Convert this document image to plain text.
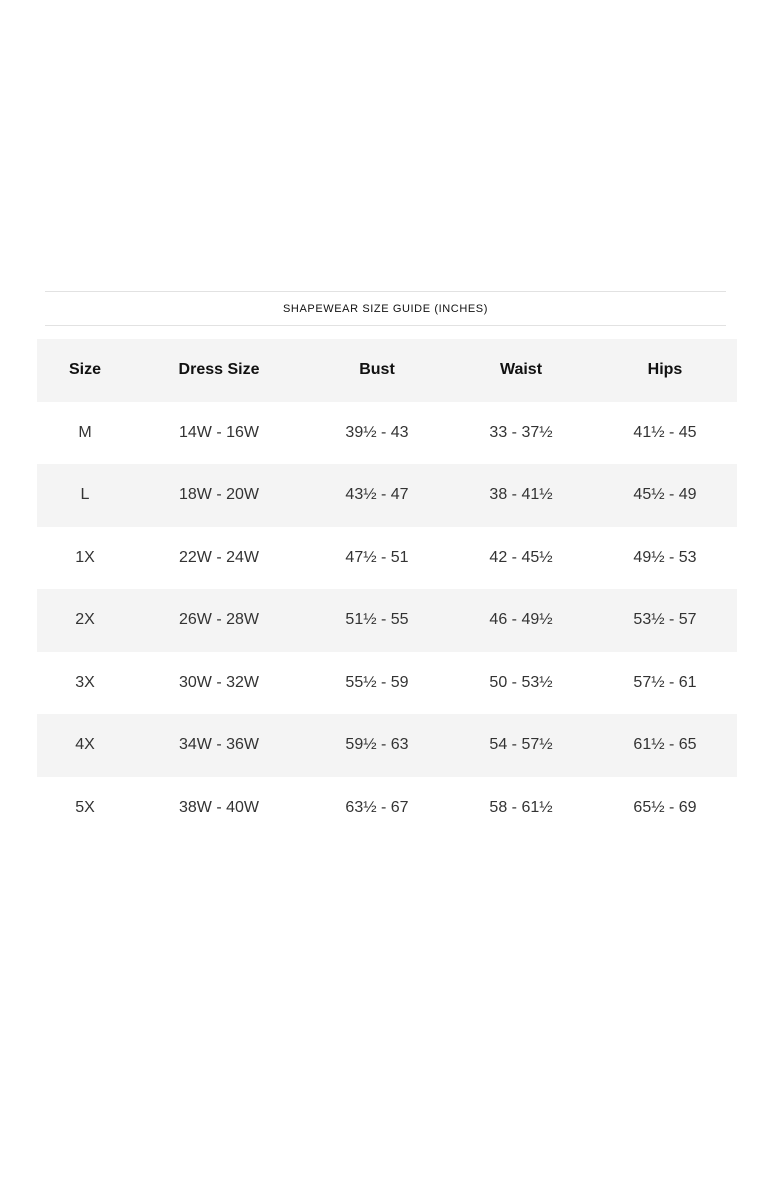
SHAPEWEAR SIZE GUIDE (INCHES)
Size	Dress Size	Bust	Waist	Hips
M	14W - 16W	39½ - 43	33 - 37½	41½ - 45
L	18W - 20W	43½ - 47	38 - 41½	45½ - 49
1X	22W - 24W	47½ - 51	42 - 45½	49½ - 53
2X	26W - 28W	51½ - 55	46 - 49½	53½ - 57
3X	30W - 32W	55½ - 59	50 - 53½	57½ - 61
4X	34W - 36W	59½ - 63	54 - 57½	61½ - 65
5X	38W - 40W	63½ - 67	58 - 61½	65½ - 69
